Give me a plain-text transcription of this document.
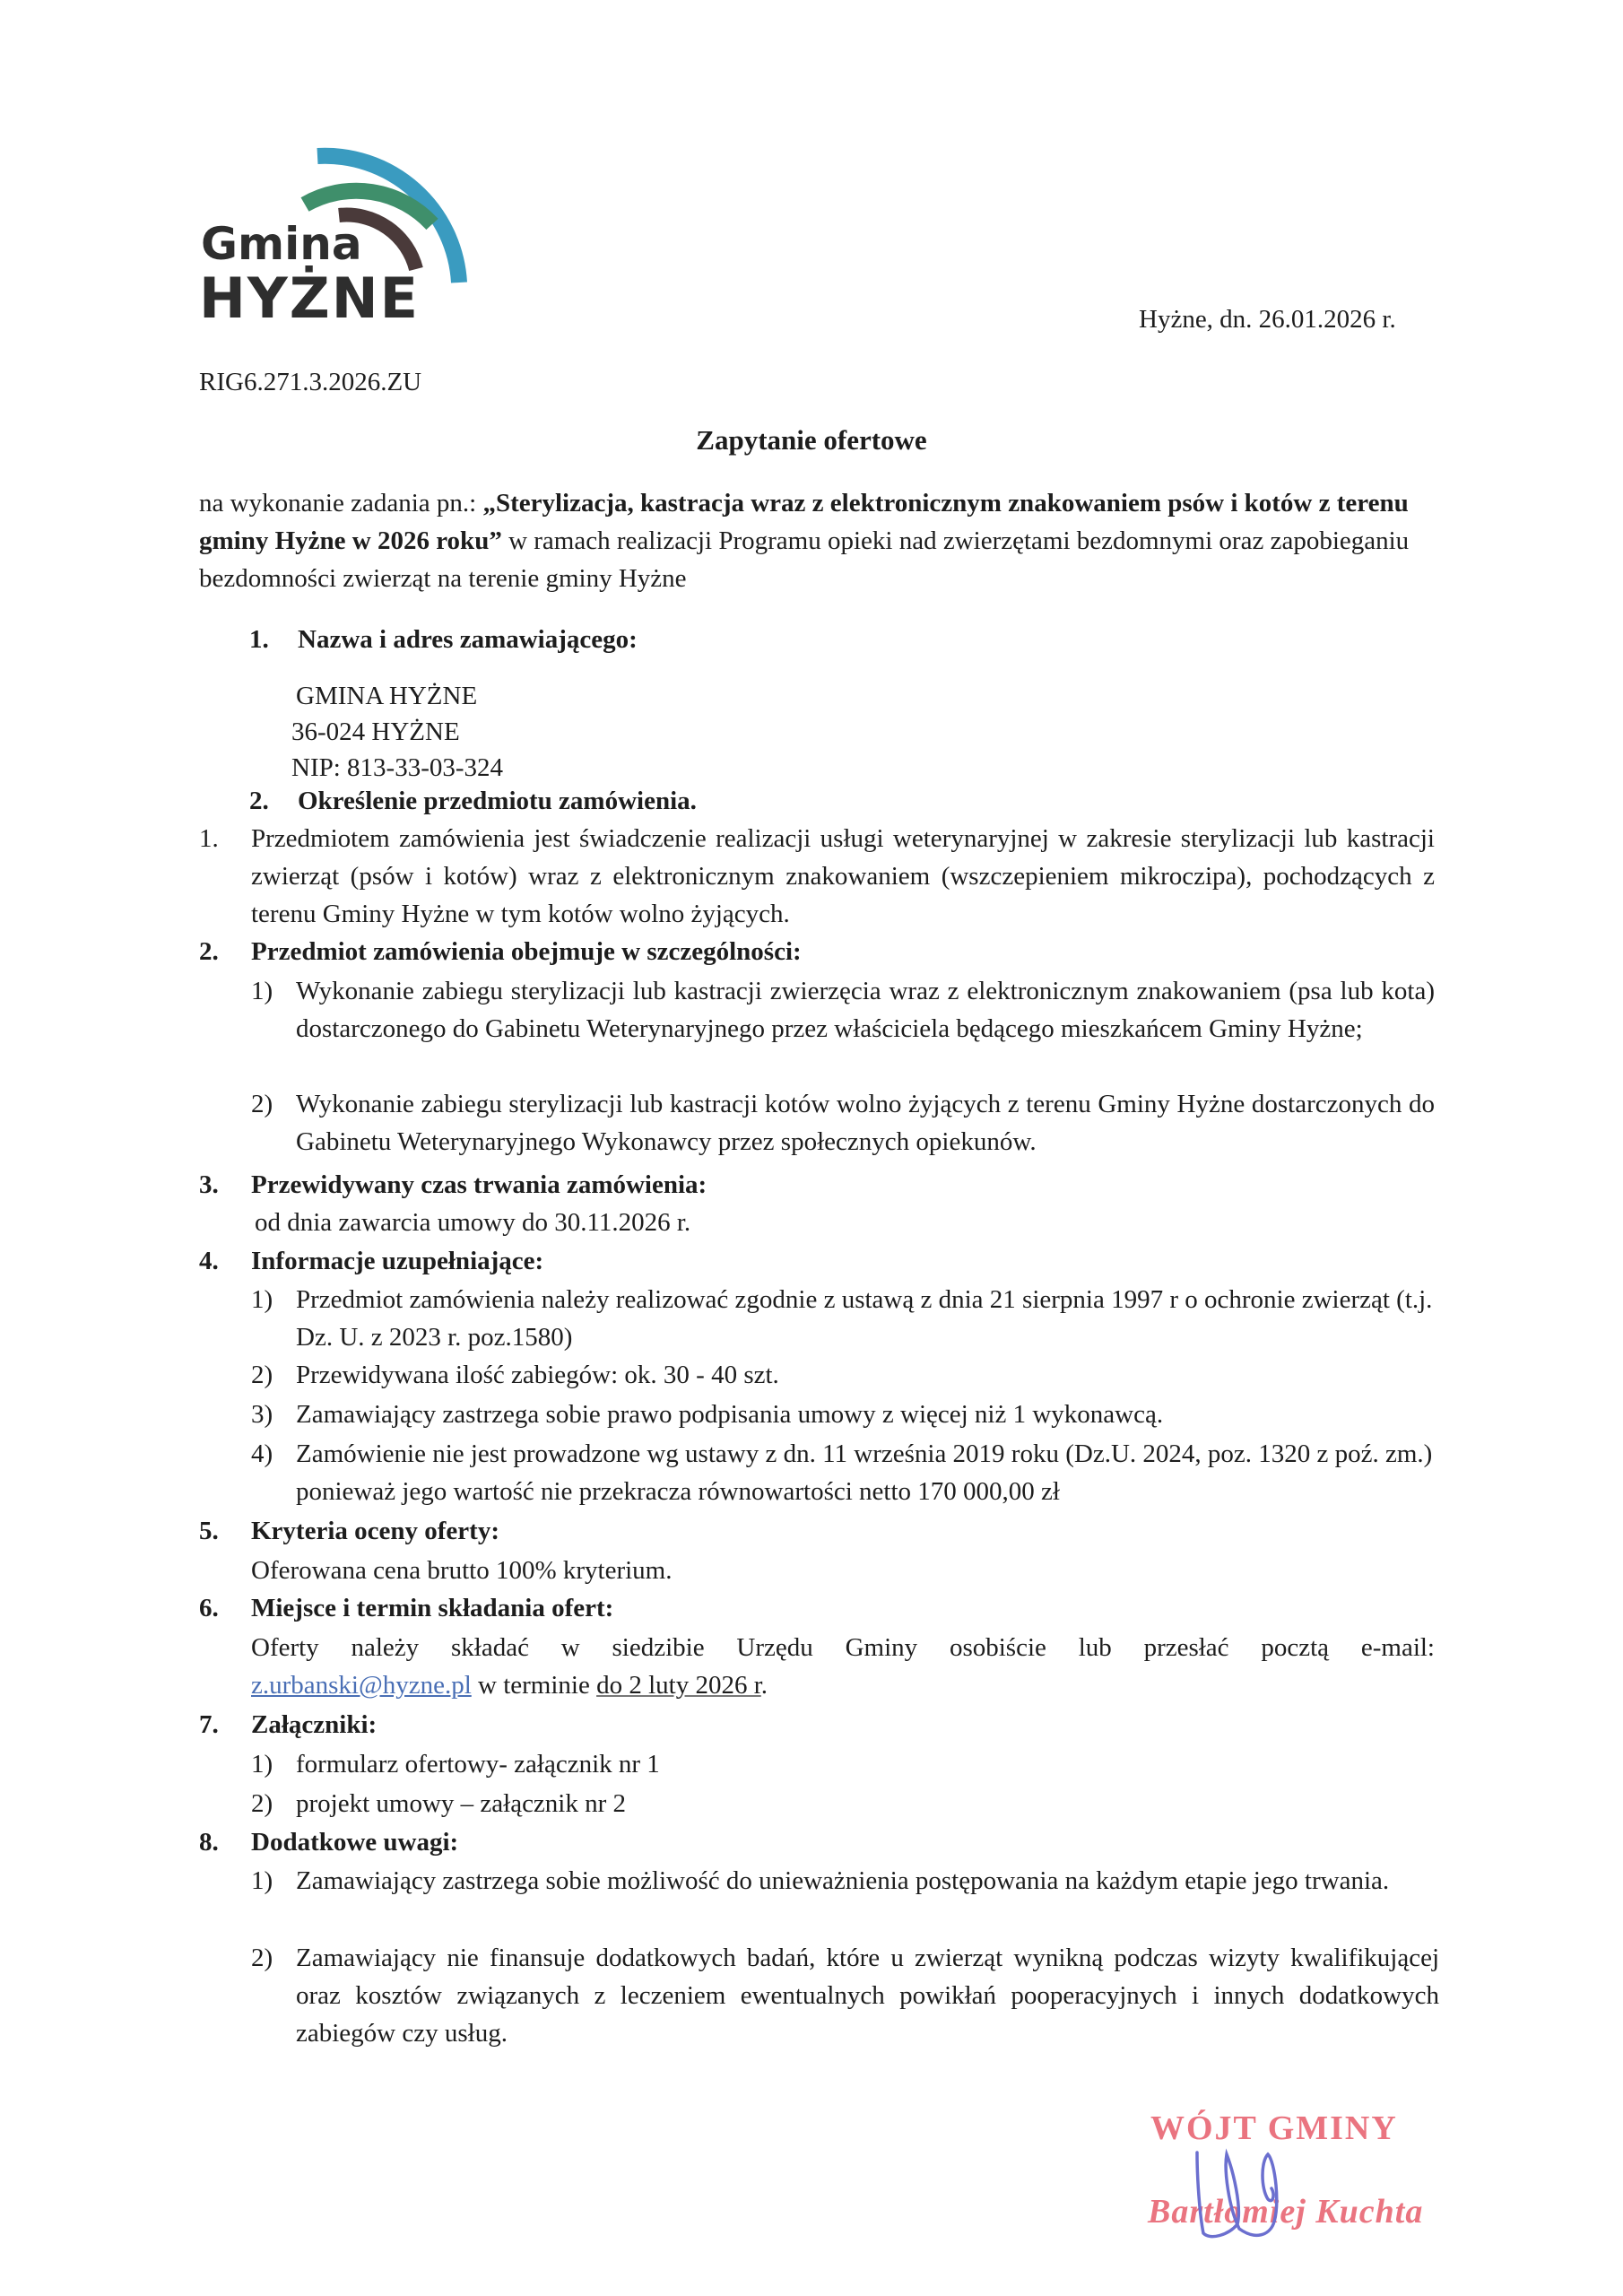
Gmina
HYŻNE	Hyżne, dn. 26.01.2026 r.
RIG6.271.3.2026.ZU
Zapytanie ofertowe
na wykonanie zadania pn.: „Sterylizacja, kastracja wraz z elektronicznym znakowaniem psów i kotów z terenu gminy Hyżne w 2026 roku” w ramach realizacji Programu opieki nad zwierzętami bezdomnymi oraz zapobieganiu bezdomności zwierząt na terenie gminy Hyżne
1. Nazwa i adres zamawiającego:
GMINA HYŻNE
36-024 HYŻNE
NIP: 813-33-03-324
2. Określenie przedmiotu zamówienia.
1. Przedmiotem zamówienia jest świadczenie realizacji usługi weterynaryjnej w zakresie sterylizacji lub kastracji zwierząt (psów i kotów) wraz z elektronicznym znakowaniem (wszczepieniem mikroczipa), pochodzących z terenu Gminy Hyżne w tym kotów wolno żyjących.
2. Przedmiot zamówienia obejmuje w szczególności:
1) Wykonanie zabiegu sterylizacji lub kastracji zwierzęcia wraz z elektronicznym znakowaniem (psa lub kota) dostarczonego do Gabinetu Weterynaryjnego przez właściciela będącego mieszkańcem Gminy Hyżne;
2) Wykonanie zabiegu sterylizacji lub kastracji kotów wolno żyjących z terenu Gminy Hyżne dostarczonych do Gabinetu Weterynaryjnego Wykonawcy przez społecznych opiekunów.
3. Przewidywany czas trwania zamówienia:
od dnia zawarcia umowy do 30.11.2026 r.
4. Informacje uzupełniające:
1) Przedmiot zamówienia należy realizować zgodnie z ustawą z dnia 21 sierpnia 1997 r o ochronie zwierząt (t.j. Dz. U. z 2023 r. poz.1580)
2) Przewidywana ilość zabiegów: ok. 30 - 40 szt.
3) Zamawiający zastrzega sobie prawo podpisania umowy z więcej niż 1 wykonawcą.
4) Zamówienie nie jest prowadzone wg ustawy z dn. 11 września 2019 roku (Dz.U. 2024, poz. 1320 z poź. zm.) ponieważ jego wartość nie przekracza równowartości netto 170 000,00 zł
5. Kryteria oceny oferty:
Oferowana cena brutto 100% kryterium.
6. Miejsce i termin składania ofert:
Oferty należy składać w siedzibie Urzędu Gminy osobiście lub przesłać pocztą e-mail:
z.urbanski@hyzne.pl w terminie do 2 luty 2026 r.
7. Załączniki:
1) formularz ofertowy- załącznik nr 1
2) projekt umowy – załącznik nr 2
8. Dodatkowe uwagi:
1) Zamawiający zastrzega sobie możliwość do unieważnienia postępowania na każdym etapie jego trwania.
2) Zamawiający nie finansuje dodatkowych badań, które u zwierząt wynikną podczas wizyty kwalifikującej oraz kosztów związanych z leczeniem ewentualnych powikłań pooperacyjnych i innych dodatkowych zabiegów czy usług.
WÓJT GMINY
Bartłomiej Kuchta
